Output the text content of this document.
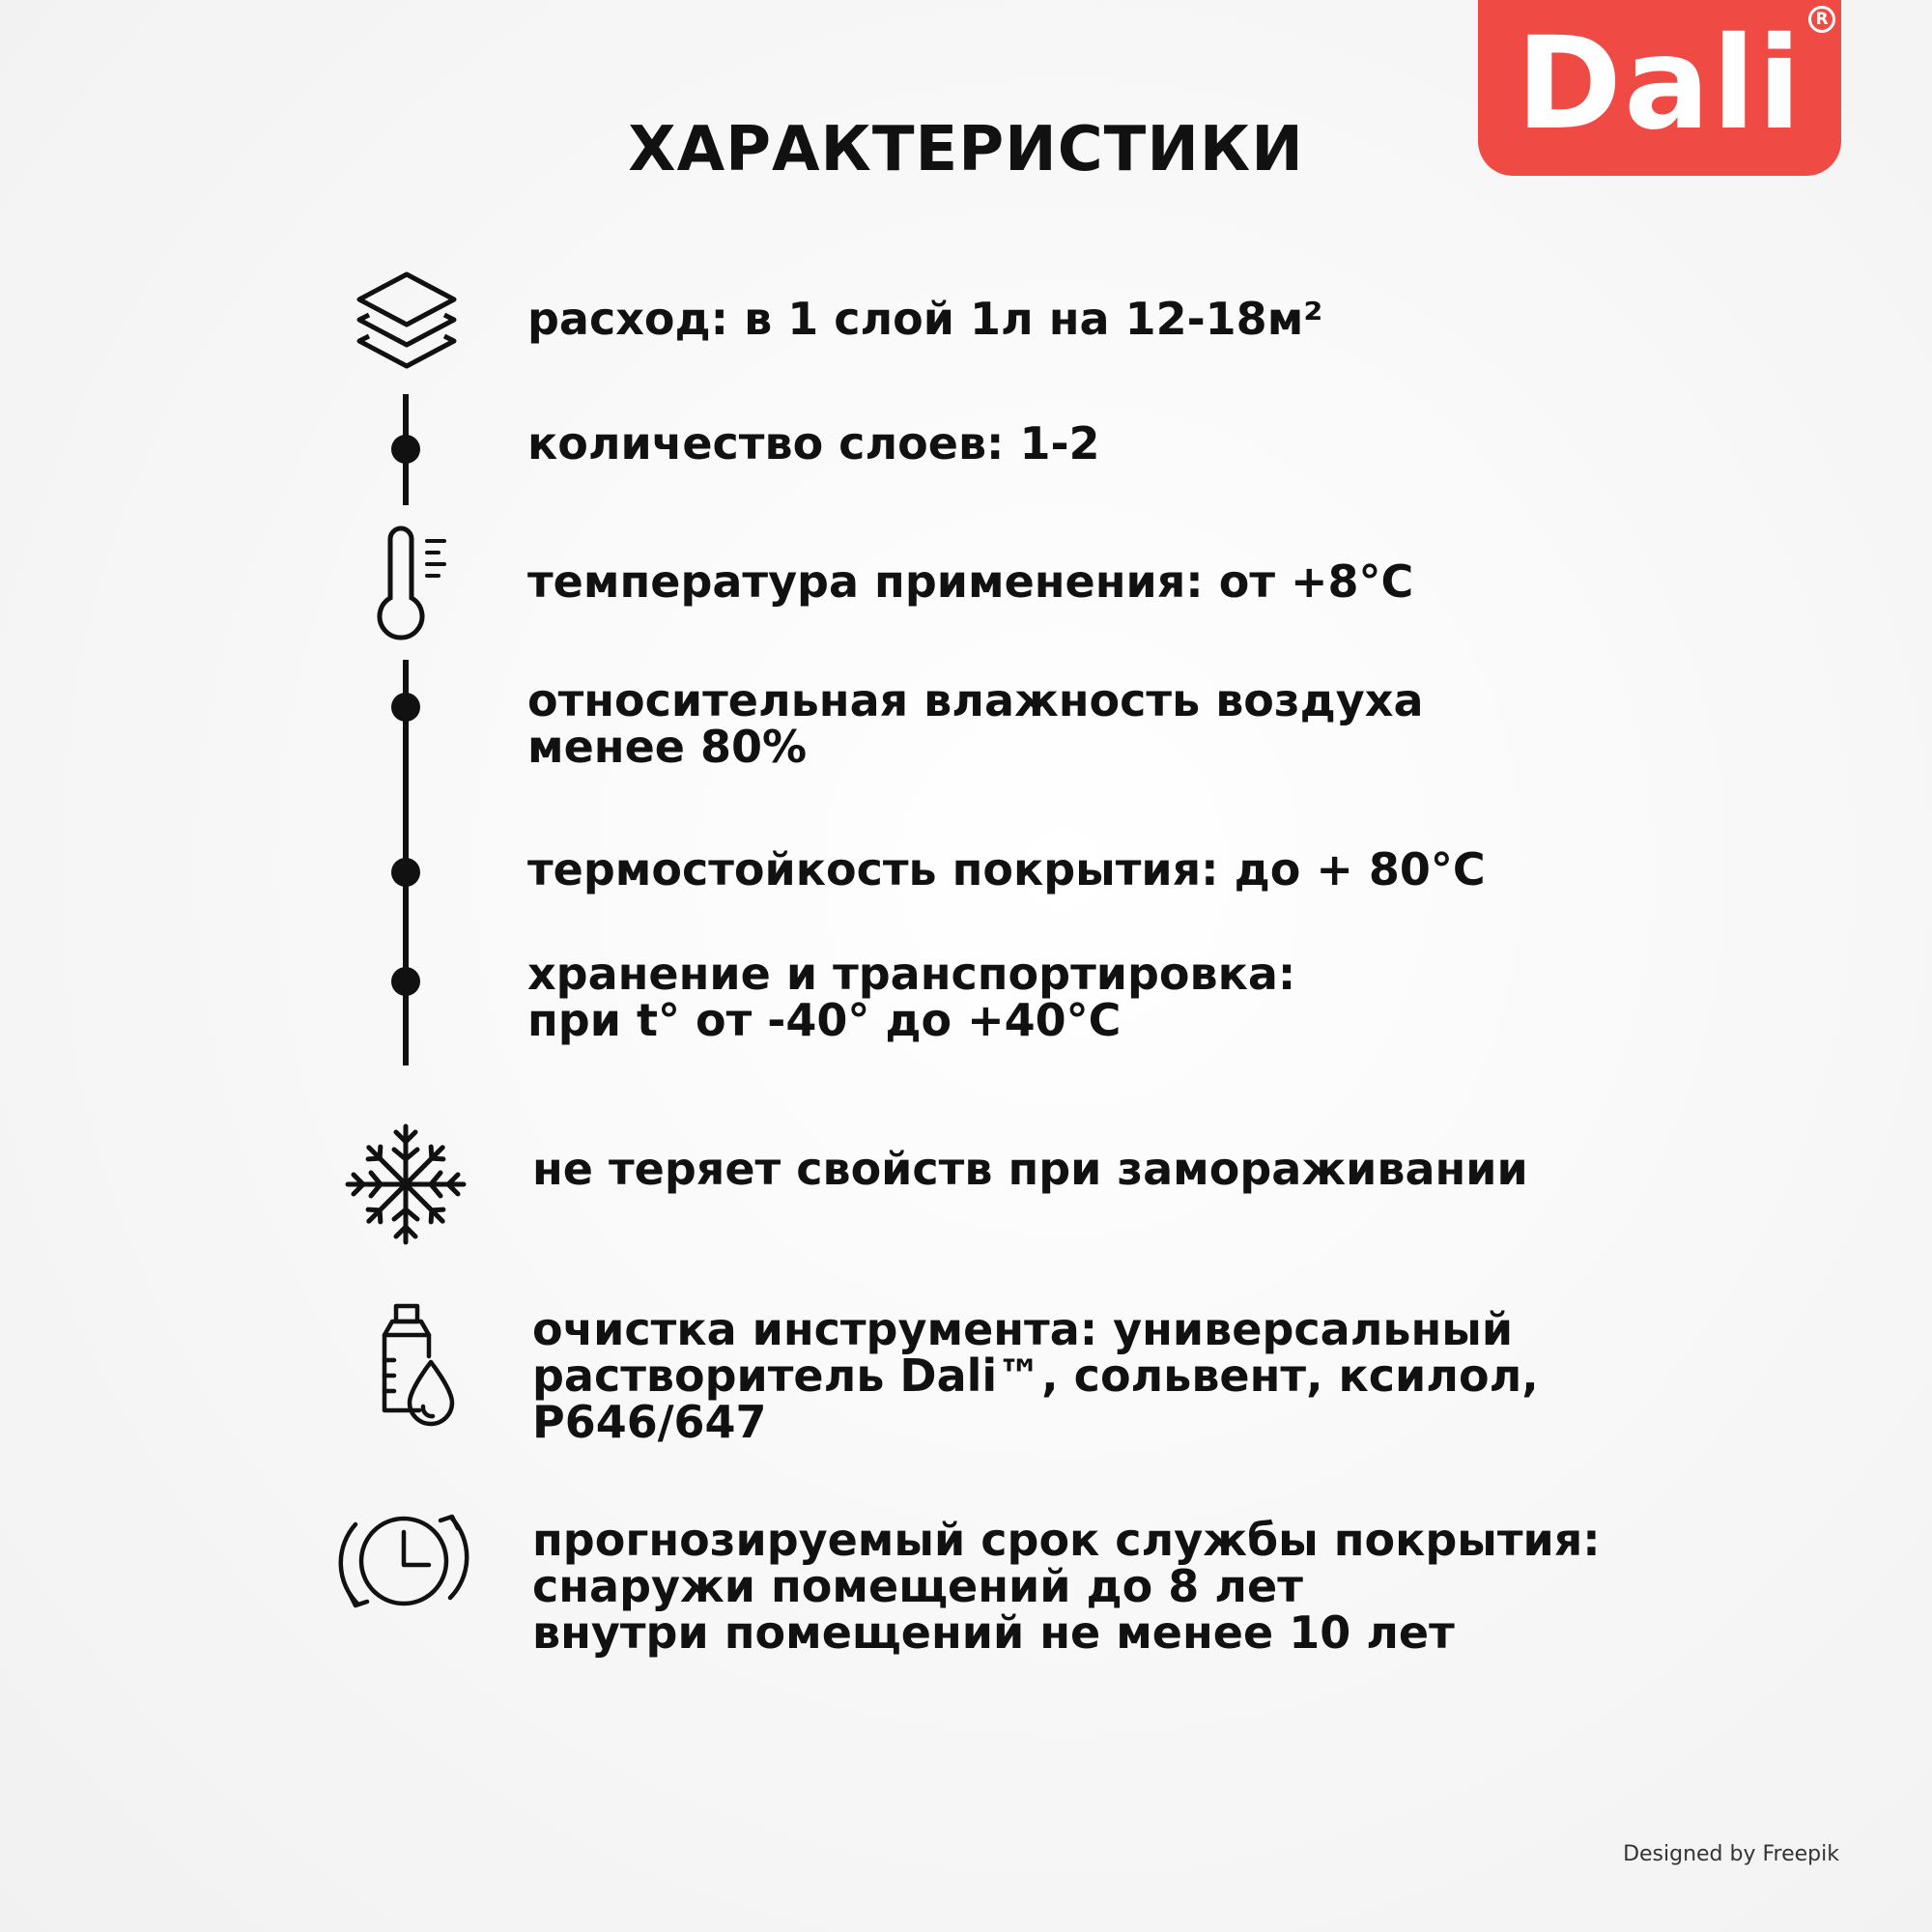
Dali R
ХАРАКТЕРИСТИКИ
расход: в 1 слой 1л на 12-18м²
количество слоев: 1-2
температура применения: от +8°С
относительная влажность воздуха
менее 80%
термостойкость покрытия: до + 80°С
хранение и транспортировка:
при t° от -40° до +40°С
не теряет свойств при замораживании
очистка инструмента: универсальный
растворитель Dali™, сольвент, ксилол,
Р646/647
прогнозируемый срок службы покрытия:
снаружи помещений до 8 лет
внутри помещений не менее 10 лет
Designed by Freepik
